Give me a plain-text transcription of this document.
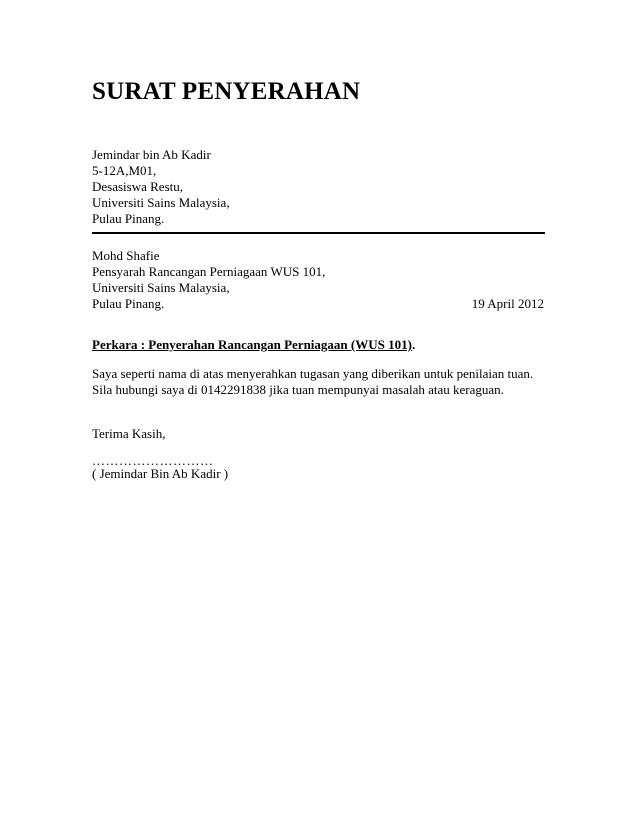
SURAT PENYERAHAN
Jemindar bin Ab Kadir
5-12A,M01,
Desasiswa Restu,
Universiti Sains Malaysia,
Pulau Pinang.
Mohd Shafie
Pensyarah Rancangan Perniagaan WUS 101,
Universiti Sains Malaysia,
Pulau Pinang.	19 April 2012
Perkara : Penyerahan Rancangan Perniagaan (WUS 101).
Saya seperti nama di atas menyerahkan tugasan yang diberikan untuk penilaian tuan. Sila hubungi saya di 0142291838 jika tuan mempunyai masalah atau keraguan.
Terima Kasih,
………………………
( Jemindar Bin Ab Kadir )
